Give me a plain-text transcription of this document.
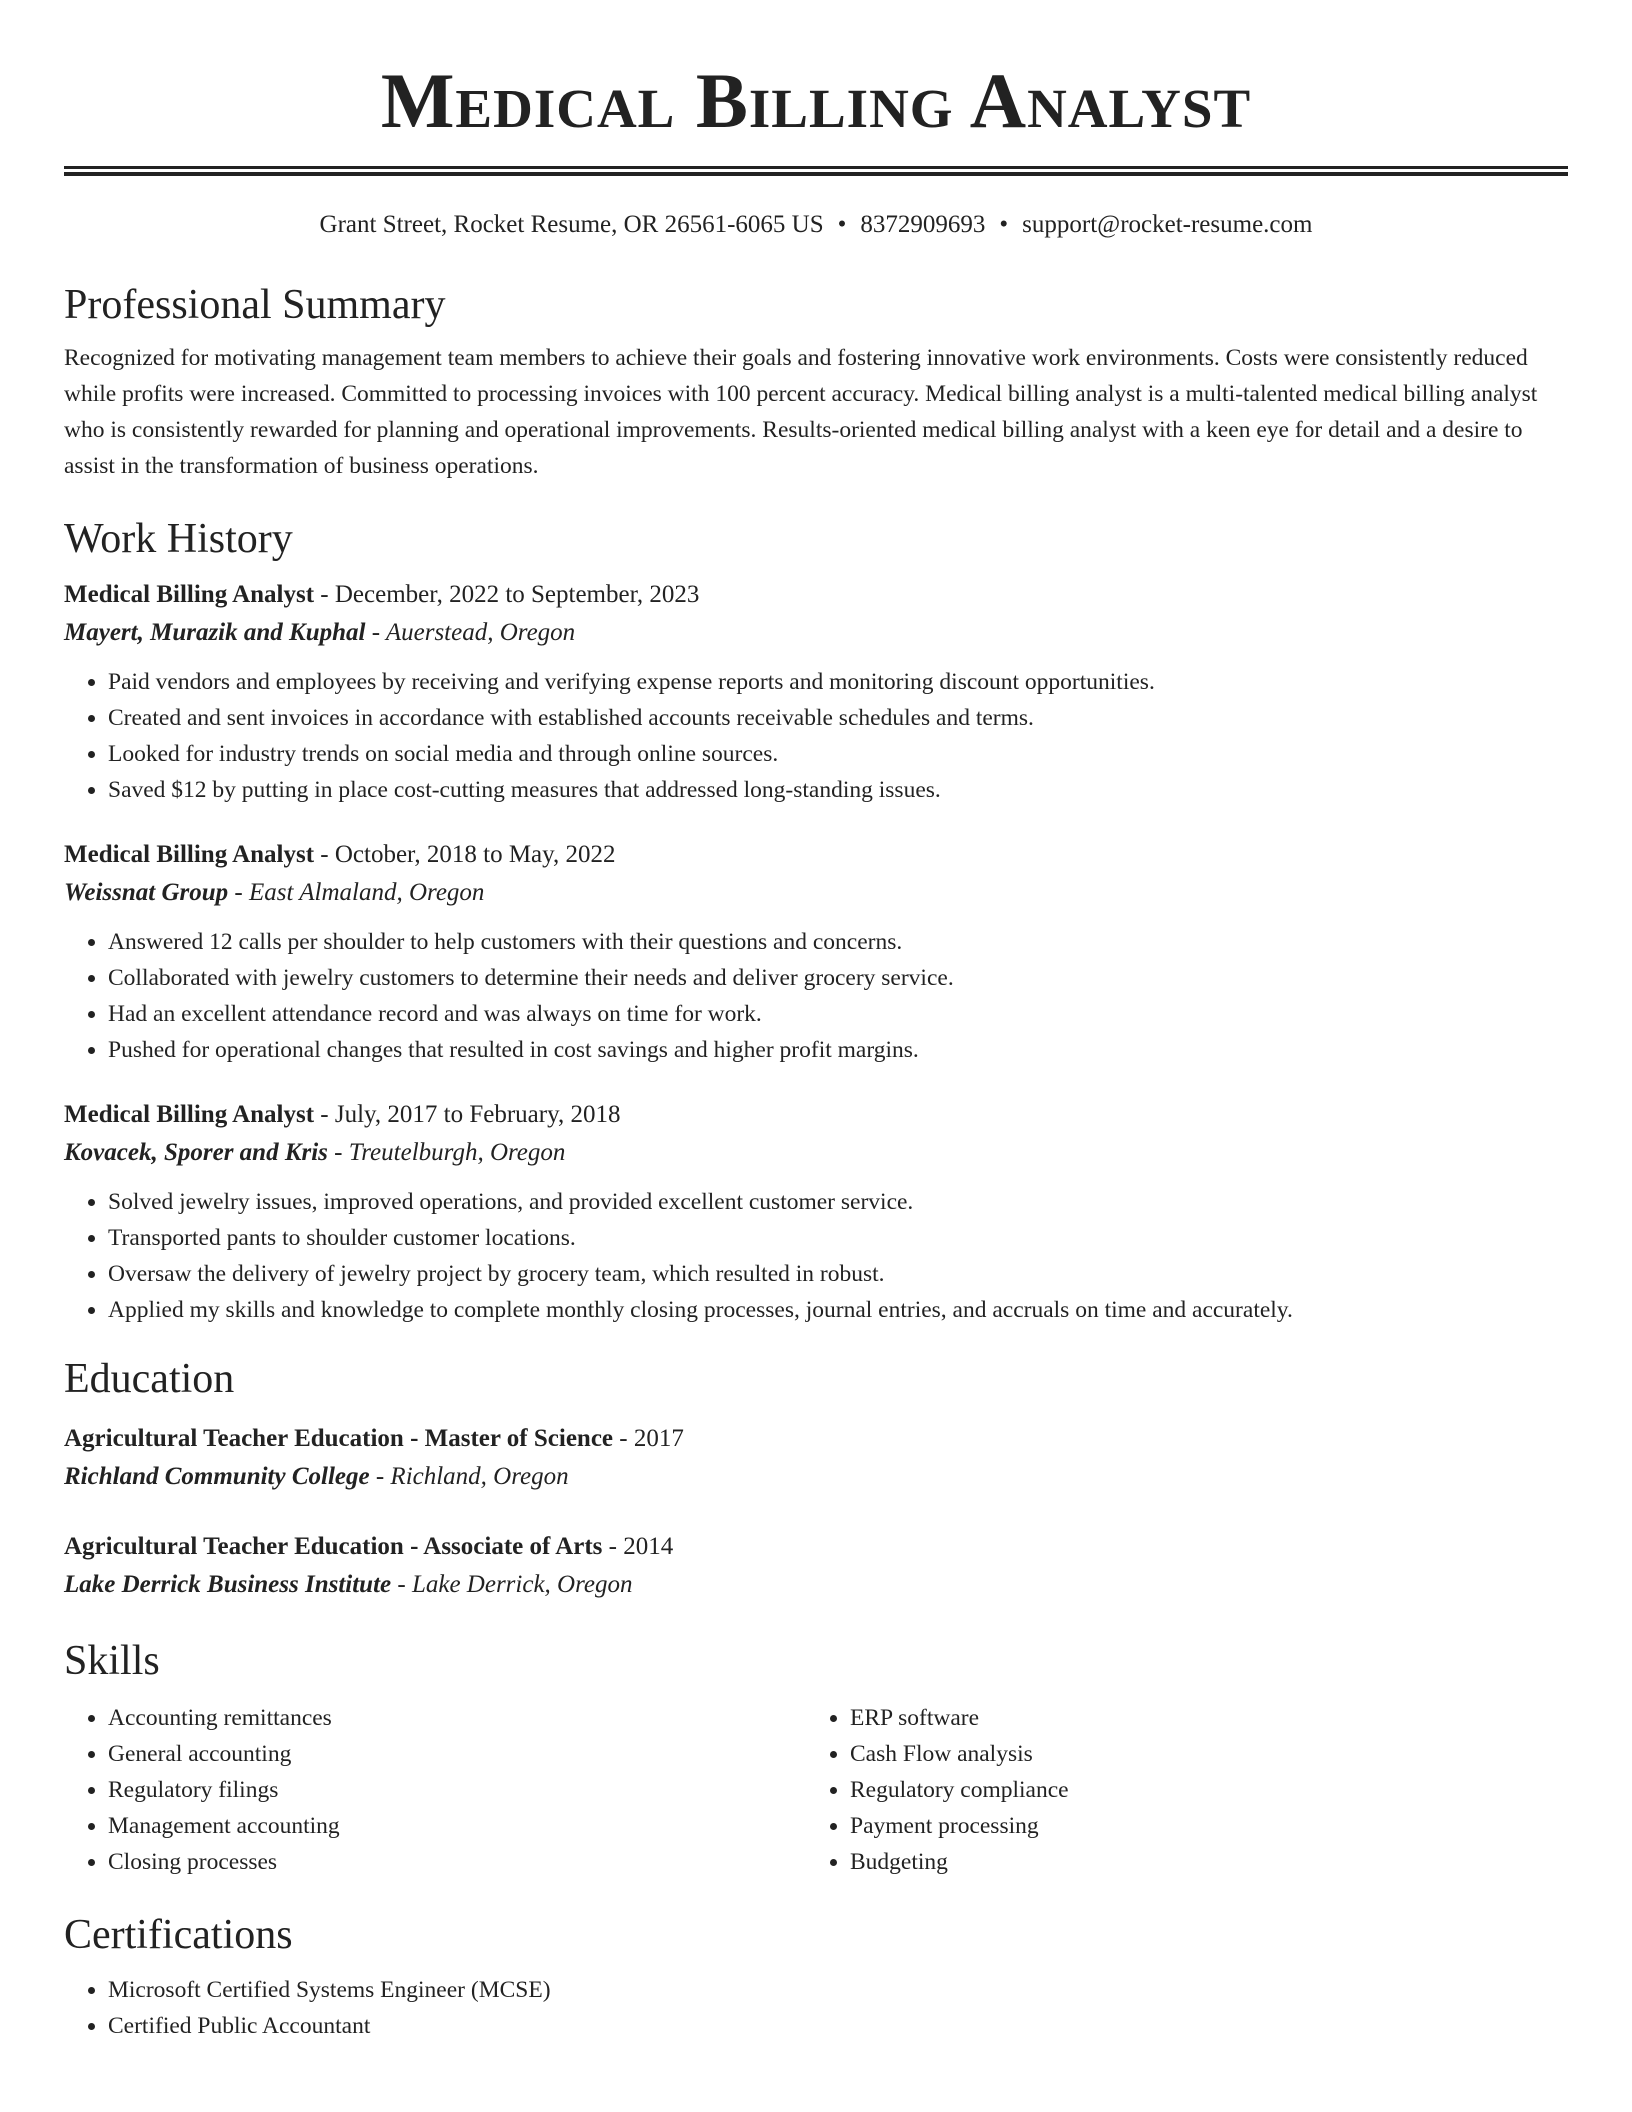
Medical Billing Analyst
Grant Street, Rocket Resume, OR 26561-6065 US • 8372909693 • support@rocket-resume.com
Professional Summary

Recognized for motivating management team members to achieve their goals and fostering innovative work environments. Costs were consistently reduced while profits were increased. Committed to processing invoices with 100 percent accuracy. Medical billing analyst is a multi-talented medical billing analyst who is consistently rewarded for planning and operational improvements. Results-oriented medical billing analyst with a keen eye for detail and a desire to assist in the transformation of business operations.

Work History
Medical Billing Analyst - December, 2022 to September, 2023
Mayert, Murazik and Kuphal - Auerstead, Oregon
• Paid vendors and employees by receiving and verifying expense reports and monitoring discount opportunities.
• Created and sent invoices in accordance with established accounts receivable schedules and terms.
• Looked for industry trends on social media and through online sources.
• Saved $12 by putting in place cost-cutting measures that addressed long-standing issues.
Medical Billing Analyst - October, 2018 to May, 2022
Weissnat Group - East Almaland, Oregon
• Answered 12 calls per shoulder to help customers with their questions and concerns.
• Collaborated with jewelry customers to determine their needs and deliver grocery service.
• Had an excellent attendance record and was always on time for work.
• Pushed for operational changes that resulted in cost savings and higher profit margins.
Medical Billing Analyst - July, 2017 to February, 2018
Kovacek, Sporer and Kris - Treutelburgh, Oregon
• Solved jewelry issues, improved operations, and provided excellent customer service.
• Transported pants to shoulder customer locations.
• Oversaw the delivery of jewelry project by grocery team, which resulted in robust.
• Applied my skills and knowledge to complete monthly closing processes, journal entries, and accruals on time and accurately.
Education
Agricultural Teacher Education - Master of Science - 2017
Richland Community College - Richland, Oregon
Agricultural Teacher Education - Associate of Arts - 2014
Lake Derrick Business Institute - Lake Derrick, Oregon
Skills
• Accounting remittances
• General accounting
• Regulatory filings
• Management accounting
• Closing processes
• ERP software
• Cash Flow analysis
• Regulatory compliance
• Payment processing
• Budgeting
Certifications
• Microsoft Certified Systems Engineer (MCSE)
• Certified Public Accountant
